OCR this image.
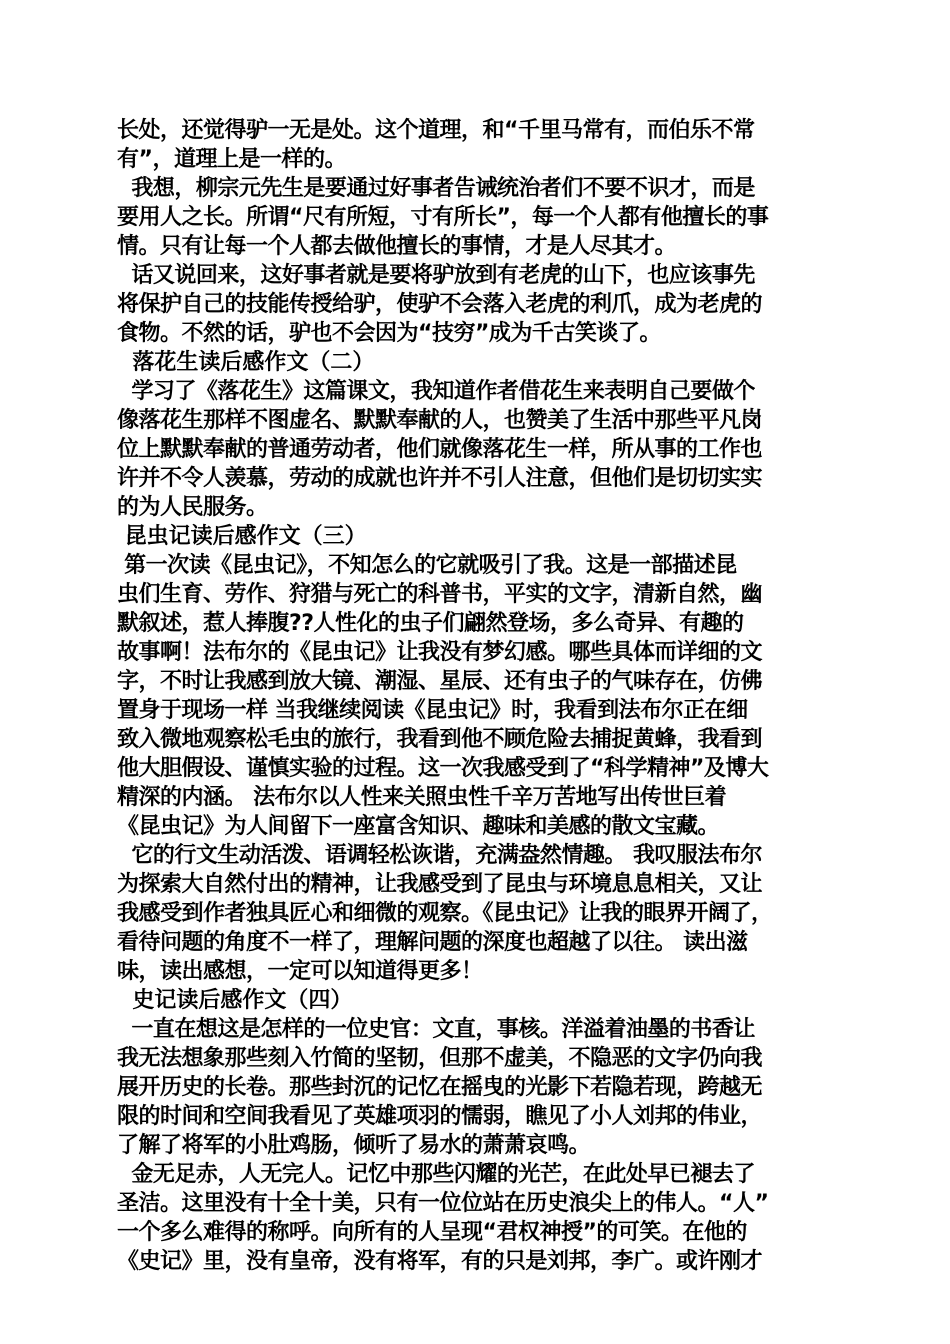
长处，还觉得驴一无是处。这个道理，和“千里马常有，而伯乐不常
有”，道理上是一样的。
我想，柳宗元先生是要通过好事者告诫统治者们不要不识才，而是
要用人之长。所谓“尺有所短，寸有所长”，每一个人都有他擅长的事
情。只有让每一个人都去做他擅长的事情，才是人尽其才。
话又说回来，这好事者就是要将驴放到有老虎的山下，也应该事先
将保护自己的技能传授给驴，使驴不会落入老虎的利爪，成为老虎的
食物。不然的话，驴也不会因为“技穷”成为千古笑谈了。
落花生读后感作文（二）
学习了《落花生》这篇课文，我知道作者借花生来表明自己要做个
像落花生那样不图虚名、默默奉献的人，也赞美了生活中那些平凡岗
位上默默奉献的普通劳动者，他们就像落花生一样，所从事的工作也
许并不令人羡慕，劳动的成就也许并不引人注意，但他们是切切实实
的为人民服务。
昆虫记读后感作文（三）
第一次读《昆虫记》，不知怎么的它就吸引了我。这是一部描述昆
虫们生育、劳作、狩猎与死亡的科普书，平实的文字，清新自然，幽
默叙述，惹人捧腹??人性化的虫子们翩然登场，多么奇异、有趣的
故事啊！法布尔的《昆虫记》让我没有梦幻感。哪些具体而详细的文
字，不时让我感到放大镜、潮湿、星辰、还有虫子的气味存在，仿佛
置身于现场一样 当我继续阅读《昆虫记》时，我看到法布尔正在细
致入微地观察松毛虫的旅行，我看到他不顾危险去捕捉黄蜂，我看到
他大胆假设、谨慎实验的过程。这一次我感受到了“科学精神”及博大
精深的内涵。 法布尔以人性来关照虫性千辛万苦地写出传世巨着
《昆虫记》为人间留下一座富含知识、趣味和美感的散文宝藏。
它的行文生动活泼、语调轻松诙谐，充满盎然情趣。 我叹服法布尔
为探索大自然付出的精神，让我感受到了昆虫与环境息息相关，又让
我感受到作者独具匠心和细微的观察。《昆虫记》让我的眼界开阔了，
看待问题的角度不一样了，理解问题的深度也超越了以往。 读出滋
味，读出感想，一定可以知道得更多！
史记读后感作文（四）
一直在想这是怎样的一位史官：文直，事核。洋溢着油墨的书香让
我无法想象那些刻入竹简的坚韧，但那不虚美，不隐恶的文字仍向我
展开历史的长卷。那些封沉的记忆在摇曳的光影下若隐若现，跨越无
限的时间和空间我看见了英雄项羽的懦弱，瞧见了小人刘邦的伟业，
了解了将军的小肚鸡肠，倾听了易水的萧萧哀鸣。
金无足赤，人无完人。记忆中那些闪耀的光芒，在此处早已褪去了
圣洁。这里没有十全十美，只有一位位站在历史浪尖上的伟人。“人”
一个多么难得的称呼。向所有的人呈现“君权神授”的可笑。在他的
《史记》里，没有皇帝，没有将军，有的只是刘邦，李广。或许刚才
